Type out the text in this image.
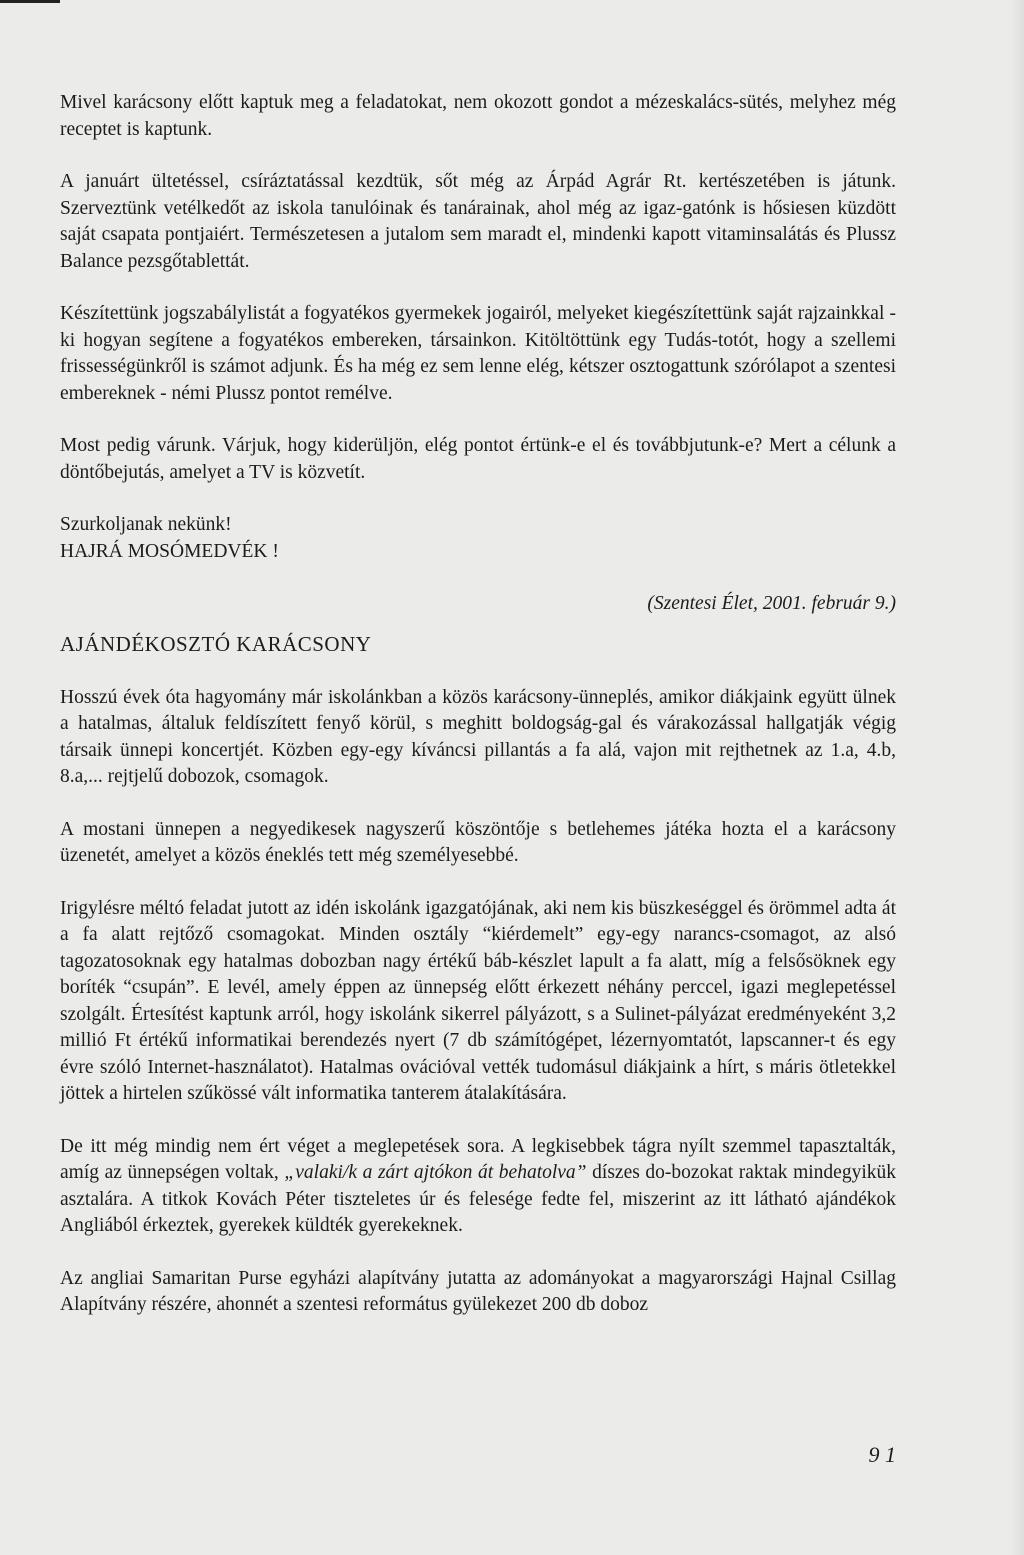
Mivel karácsony előtt kaptuk meg a feladatokat, nem okozott gondot a mézeskalács-sütés, melyhez még receptet is kaptunk.

A januárt ültetéssel, csíráztatással kezdtük, sőt még az Árpád Agrár Rt. kertészetében is játunk. Szerveztünk vetélkedőt az iskola tanulóinak és tanárainak, ahol még az igaz-gatónk is hősiesen küzdött saját csapata pontjaiért. Természetesen a jutalom sem maradt el, mindenki kapott vitaminsalátás és Plussz Balance pezsgőtablettát.

Készítettünk jogszabálylistát a fogyatékos gyermekek jogairól, melyeket kiegészítettünk saját rajzainkkal - ki hogyan segítene a fogyatékos embereken, társainkon. Kitöltöttünk egy Tudás-totót, hogy a szellemi frissességünkről is számot adjunk. És ha még ez sem lenne elég, kétszer osztogattunk szórólapot a szentesi embereknek - némi Plussz pontot remélve.

Most pedig várunk. Várjuk, hogy kiderüljön, elég pontot értünk-e el és továbbjutunk-e? Mert a célunk a döntőbejutás, amelyet a TV is közvetít.

Szurkoljanak nekünk!

HAJRÁ MOSÓMEDVÉK !

(Szentesi Élet, 2001. február 9.)

AJÁNDÉKOSZTÓ KARÁCSONY

Hosszú évek óta hagyomány már iskolánkban a közös karácsony-ünneplés, amikor diákjaink együtt ülnek a hatalmas, általuk feldíszített fenyő körül, s meghitt boldogság-gal és várakozással hallgatják végig társaik ünnepi koncertjét. Közben egy-egy kíváncsi pillantás a fa alá, vajon mit rejthetnek az 1.a, 4.b, 8.a,... rejtjelű dobozok, csomagok.

A mostani ünnepen a negyedikesek nagyszerű köszöntője s betlehemes játéka hozta el a karácsony üzenetét, amelyet a közös éneklés tett még személyesebbé.

Irigylésre méltó feladat jutott az idén iskolánk igazgatójának, aki nem kis büszkeséggel és örömmel adta át a fa alatt rejtőző csomagokat. Minden osztály “kiérdemelt” egy-egy narancs-csomagot, az alsó tagozatosoknak egy hatalmas dobozban nagy értékű báb-készlet lapult a fa alatt, míg a felsősöknek egy boríték “csupán”. E levél, amely éppen az ünnepség előtt érkezett néhány perccel, igazi meglepetéssel szolgált. Értesítést kaptunk arról, hogy iskolánk sikerrel pályázott, s a Sulinet-pályázat eredményeként 3,2 millió Ft értékű informatikai berendezés nyert (7 db számítógépet, lézernyomtatót, lapscanner-t és egy évre szóló Internet-használatot). Hatalmas ovációval vették tudomásul diákjaink a hírt, s máris ötletekkel jöttek a hirtelen szűkössé vált informatika tanterem átalakítására.

De itt még mindig nem ért véget a meglepetések sora. A legkisebbek tágra nyílt szemmel tapasztalták, amíg az ünnepségen voltak, „valaki/k a zárt ajtókon át behatolva” díszes do-bozokat raktak mindegyikük asztalára. A titkok Kovách Péter tiszteletes úr és felesége fedte fel, miszerint az itt látható ajándékok Angliából érkeztek, gyerekek küldték gyerekeknek.

Az angliai Samaritan Purse egyházi alapítvány jutatta az adományokat a magyarországi Hajnal Csillag Alapítvány részére, ahonnét a szentesi református gyülekezet 200 db doboz

9 1
